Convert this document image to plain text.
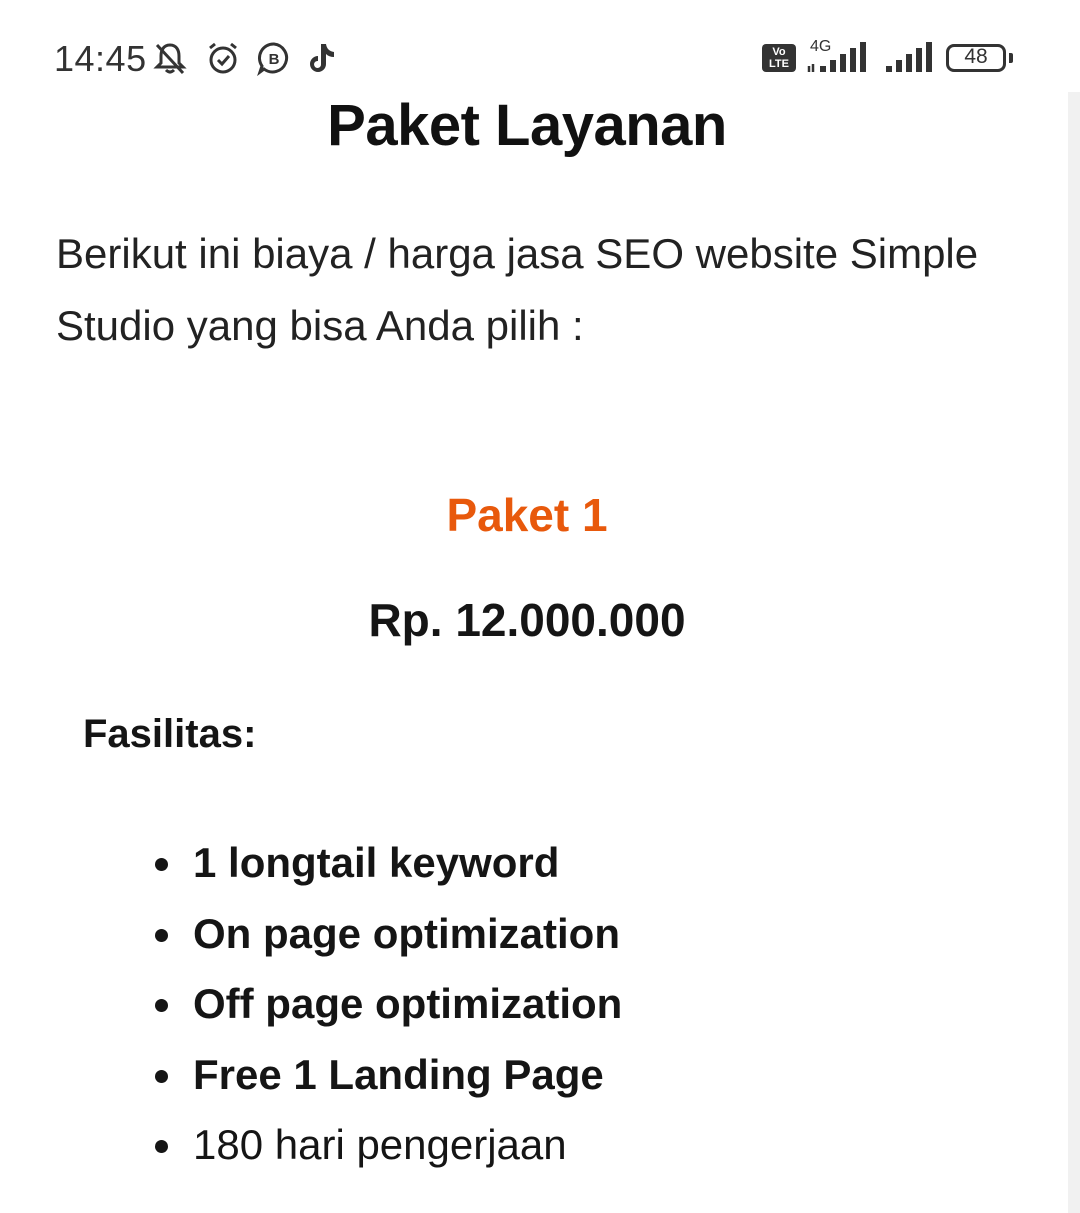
14:45	B	Vo
LTE
4G	48
Paket Layanan

Berikut ini biaya / harga jasa SEO website Simple Studio yang bisa Anda pilih :

Paket 1
Rp. 12.000.000
Fasilitas:
1 longtail keyword
On page optimization
Off page optimization
Free 1 Landing Page
180 hari pengerjaan
